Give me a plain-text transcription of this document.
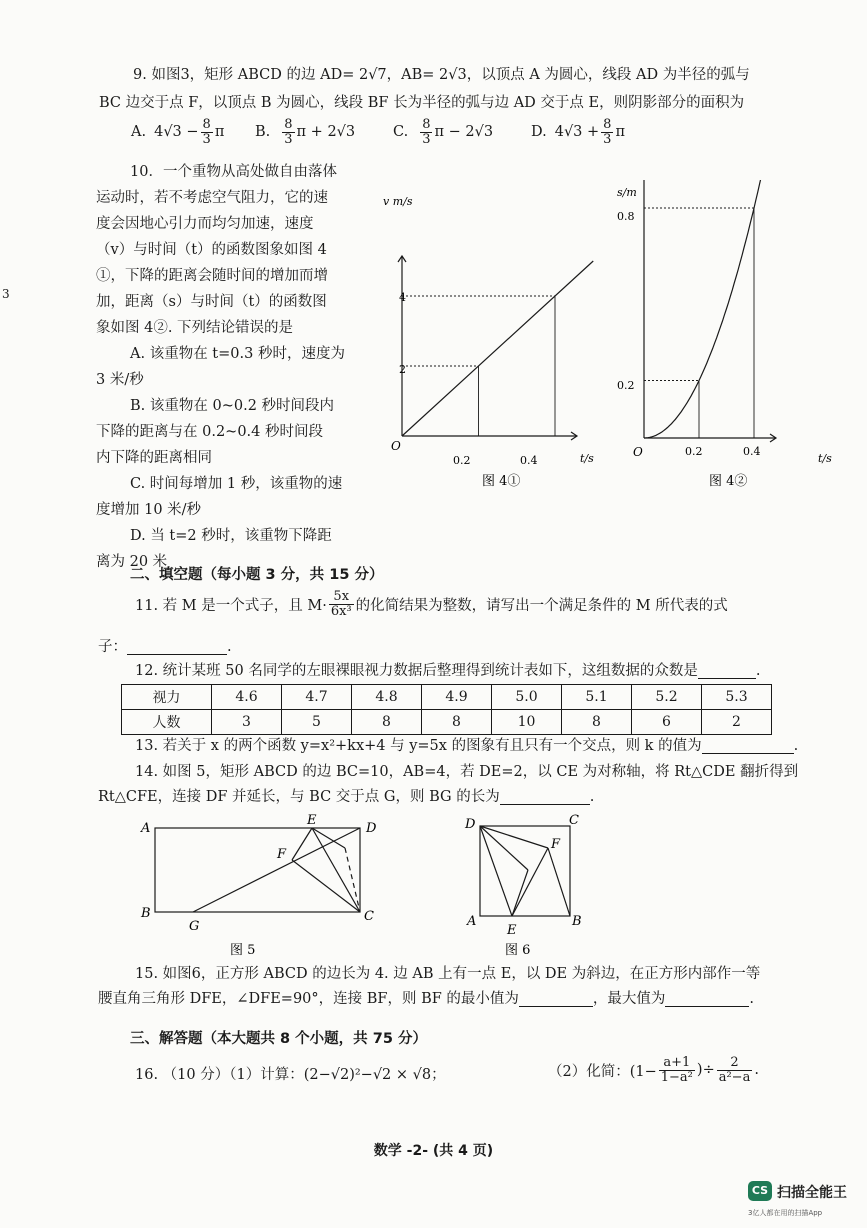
3
9. 如图3，矩形 ABCD 的边 AD= 2√7，AB= 2√3，以顶点 A 为圆心，线段 AD 为半径的弧与
BC 边交于点 F，以顶点 B 为圆心，线段 BF 长为半径的弧与边 AD 交于点 E，则阴影部分的面积为
A. $4√3 - \frac{8}{3}$ π B. $\frac{8}{3}$ π + 2√3	C. $\frac{8}{3}$ π − 2√3	D. $4√3 + \frac{8}{3}$ π
10．一个重物从高处做自由落体
运动时，若不考虑空气阻力，它的速
度会因地心引力而均匀加速，速度
（v）与时间（t）的函数图象如图 4
①，下降的距离会随时间的增加而增
加，距离（s）与时间（t）的函数图
象如图 4②. 下列结论错误的是
A. 该重物在 t=0.3 秒时，速度为
3 米/秒
B. 该重物在 0~0.2 秒时间段内
下降的距离与在 0.2~0.4 秒时间段
内下降的距离相同
C. 时间每增加 1 秒，该重物的速
度增加 10 米/秒
D. 当 t=2 秒时，该重物下降距
离为 20 米
v m/s
t/s
O
2
4
0.2	0.4
图 4①
s/m
t/s
O
0.2
0.8
0.2	0.4
图 4②
二、填空题（每小题 3 分，共 15 分）
11. 若 M 是一个式子，且 $M\cdot \frac{5x}{\text{6x³}}$ 的化简结果为整数，请写出一个满足条件的 M 所代表的式
子：	.
12. 统计某班 50 名同学的左眼裸眼视力数据后整理得到统计表如下，这组数据的众数是	.
视力	4.6	4.7	4.8	4.9	5.0	5.1	5.2	5.3
人数	3	5	8	8	10	8	6	2
13. 若关于 x 的两个函数 y=x²+kx+4 与 y=5x 的图象有且只有一个交点，则 k 的值为	.
14. 如图 5，矩形 ABCD 的边 BC=10，AB=4，若 DE=2，以 CE 为对称轴，将 Rt△CDE 翻折得到
Rt△CFE，连接 DF 并延长，与 BC 交于点 G，则 BG 的长为	.
A
B	C
D
E
F
G
图 5
A	B
C
D
E
F
图 6
15. 如图6，正方形 ABCD 的边长为 4. 边 AB 上有一点 E，以 DE 为斜边，在正方形内部作一等
腰直角三角形 DFE，∠DFE=90°，连接 BF，则 BF 的最小值为	，最大值为	.
三、解答题（本大题共 8 个小题，共 75 分）
16. （10 分）（1）计算：(2−√2)²−√2 × √8；	（2）化简：($1- \frac{a+1}{\text{1−a²}}$ )÷ $\frac{2}{\text{a²−a}}$ .
数学 -2- (共 4 页)
CS 扫描全能王
3亿人都在用的扫描App
